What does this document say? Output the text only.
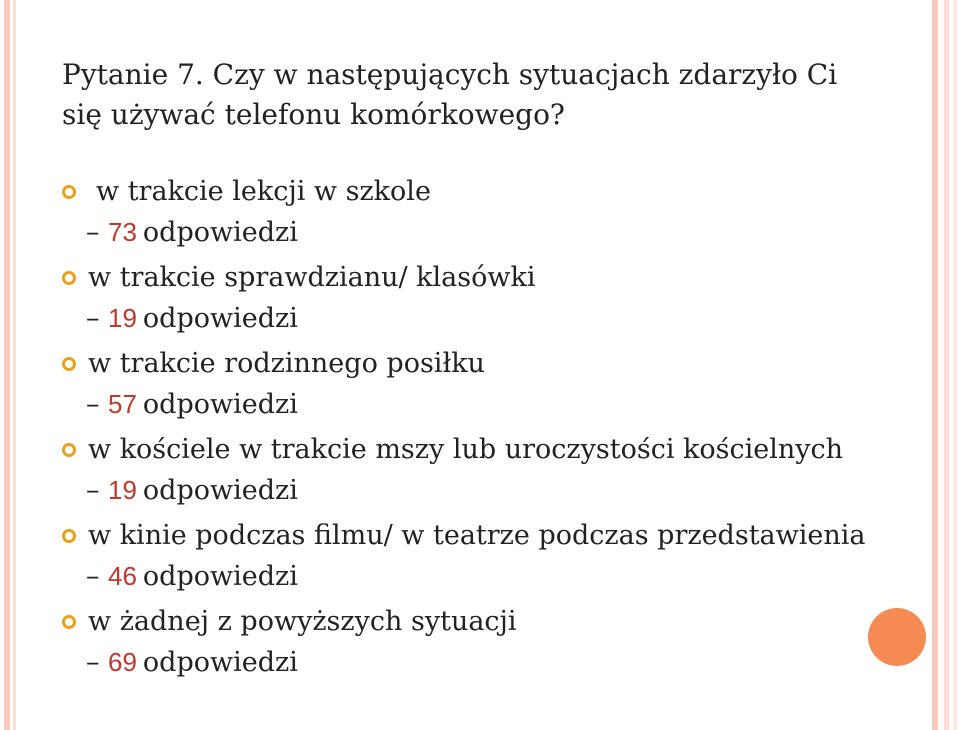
Pytanie 7. Czy w następujących sytuacjach zdarzyło Ci się używać telefonu komórkowego?
w trakcie lekcji w szkole
– 73 odpowiedzi
w trakcie sprawdzianu/ klasówki
– 19 odpowiedzi
w trakcie rodzinnego posiłku
– 57 odpowiedzi
w kościele w trakcie mszy lub uroczystości kościelnych
– 19 odpowiedzi
w kinie podczas filmu/ w teatrze podczas przedstawienia
– 46 odpowiedzi
w żadnej z powyższych sytuacji
– 69 odpowiedzi
